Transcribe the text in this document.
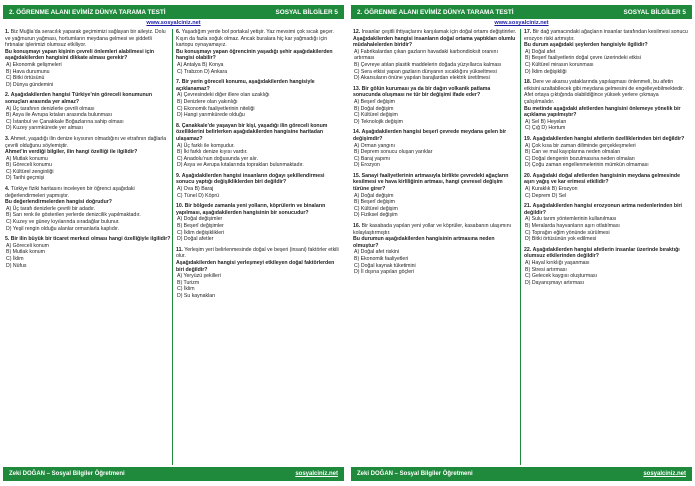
2. ÖĞRENME ALANI EVİMİZ DÜNYA TARAMA TESTİ	SOSYAL BİLGİLER 5
www.sosyalciniz.net

1. Biz Muğla’da seracılık yaparak geçimimizi sağlayan bir aileyiz. Dolu ve yağmurun yağması, hortumların meydana gelmesi ve şiddetli fırtınalar işlerimizi olumsuz etkiliyor.
Bu konuşmayı yapan kişinin çevreli önlemleri alabilmesi için aşağıdakilerden hangisini dikkate alması gerekir?

A) Ekonomik gelişmeleri
B) Hava durumunu
C) Bitki örtüsünü
D) Dünya gündemini

2. Aşağıdakilerden hangisi Türkiye’nin göreceli konumunun sonuçları arasında yer almaz?

A) Üç tarafının denizlerle çevrili olması
B) Asya ile Avrupa kıtaları arasında bulunması
C) İstanbul ve Çanakkale Boğazlarına sahip olması
D) Kuzey yarımkürede yer alması

3. Ahmet, yaşadığı ilin denize kıyısının olmadığını ve etrafının dağlarla çevrili olduğunu söylemiştir.
Ahmet’in verdiği bilgiler, ilin hangi özelliği ile ilgilidir?

A) Mutlak konumu
B) Göreceli konumu
C) Kültürel zenginliği
D) Tarihi geçmişi

4. Türkiye fiziki haritasını inceleyen bir öğrenci aşağıdaki değerlendirmeleri yapmıştır.
Bu değerlendirmelerden hangisi doğrudur?

A) Üç tarafı denizlerle çevrili bir adadır.
B) Sarı renk ile gösterilen yerlerde denizcilik yapılmaktadır.
C) Kuzey ve güney kıyılarında sıradağlar bulunur.
D) Yeşil rengin olduğu alanlar ormanlarla kaplıdır.

5. Bir ilin büyük bir ticaret merkezi olması hangi özelliğiyle ilgilidir?

A) Göreceli konum
B) Mutlak konum
C) İklim
D) Nüfus

6. Yaşadığım yerde bol portakal yetişir. Yaz mevsimi çok sıcak geçer. Kışın da fazla soğuk olmaz. Ancak buralara hiç kar yağmadığı için kartopu oynayamayız.
Bu konuşmayı yapan öğrencinin yaşadığı şehir aşağıdakilerden hangisi olabilir?

A) Antalya B) Konya
C) Trabzon D) Ankara

7. Bir yerin göreceli konumu, aşağıdakilerden hangisiyle açıklanamaz?

A) Çevresindeki diğer illere olan uzaklığı
B) Denizlere olan yakınlığı
C) Ekonomik faaliyetlerinin niteliği
D) Hangi yarımkürede olduğu

8. Çanakkale’de yaşayan bir kişi, yaşadığı ilin göreceli konum özelliklerini belirlerken aşağıdakilerden hangisine haritadan ulaşamaz?

A) Üç farklı ile komşudur.
B) İki farklı denize kıyısı vardır.
C) Anadolu’nun doğusunda yer alır.
D) Asya ve Avrupa kıtalarında toprakları bulunmaktadır.

9. Aşağıdakilerden hangisi insanların doğayı şekillendirmesi sonucu yaptığı değişikliklerden biri değildir?

A) Ova B) Baraj
C) Tünel D) Köprü

10. Bir bölgede zamanla yeni yolların, köprülerin ve binaların yapılması, aşağıdakilerden hangisinin bir sonucudur?

A) Doğal değişimler
B) Beşerî değişimler
C) İklim değişiklikleri
D) Doğal afetler

11. Yerleşim yeri belirlenmesinde doğal ve beşeri (insani) faktörler etkili olur.
Aşağıdakilerden hangisi yerleşmeyi etkileyen doğal faktörlerden biri değildir?

A) Yeryüzü şekilleri
B) Turizm
C) İklim
D) Su kaynakları
Zeki DOĞAN – Sosyal Bilgiler Öğretmeni	sosyalciniz.net
2. ÖĞRENME ALANI EVİMİZ DÜNYA TARAMA TESTİ	SOSYAL BİLGİLER 5
www.sosyalciniz.net

12. İnsanlar çeşitli ihtiyaçlarını karşılamak için doğal ortamı değiştirirler.
Aşağıdakilerden hangisi insanların doğal ortama yaptıkları olumlu müdahalelerden biridir?

A) Fabrikalardan çıkan gazların havadaki karbondioksit oranını artırması
B) Çevreye atılan plastik maddelerin doğada yüzyıllarca kalması
C) Sera etkisi yapan gazların dünyanın sıcaklığını yükseltmesi
D) Akarsuların önüne yapılan barajlardan elektrik üretilmesi

13. Bir gölün kuruması ya da bir dağın volkanik patlama sonucunda oluşması ne tür bir değişimi ifade eder?

A) Beşerî değişim
B) Doğal değişim
C) Kültürel değişim
D) Teknolojik değişim

14. Aşağıdakilerden hangisi beşerî çevrede meydana gelen bir değişimdir?

A) Orman yangını
B) Deprem sonucu oluşan yarıklar
C) Baraj yapımı
D) Erozyon

15. Sanayi faaliyetlerinin artmasıyla birlikte çevredeki ağaçların kesilmesi ve hava kirliliğinin artması, hangi çevresel değişim türüne girer?

A) Doğal değişim
B) Beşerî değişim
C) Kültürel değişim
D) Fiziksel değişim

16. Bir kasabada yapılan yeni yollar ve köprüler, kasabanın ulaşımını kolaylaştırmıştır.
Bu durumun aşağıdakilerden hangisinin artmasına neden olmuştur?

A) Doğal afet riskini
B) Ekonomik faaliyetleri
C) Doğal kaynak tüketimini
D) İl dışına yapılan göçleri

17. Bir dağ yamacındaki ağaçların insanlar tarafından kesilmesi sonucu erozyon riski artmıştır.
Bu durum aşağıdaki şeylerden hangisiyle ilgilidir?

A) Doğal afet
B) Beşerî faaliyetlerin doğal çevre üzerindeki etkisi
C) Kültürel mirasın korunması
D) İklim değişikliği

18. Dere ve akarsu yataklarında yapılaşması önlenmeli, bu afetin etkisini azaltabilecek gibi meydana gelmesini de engelleyebilmektedir. Afet ortaya çıktığında olabildiğince yüksek yerlere çıkmaya çalışılmalıdır.
Bu metinde aşağıdaki afetlerden hangisini önlemeye yönelik bir açıklama yapılmıştır?

A) Sel B) Heyelan
C) Çığ D) Hortum

19. Aşağıdakilerden hangisi afetlerin özelliklerinden biri değildir?

A) Çok kısa bir zaman diliminde gerçekleşmeleri
B) Can ve mal kayıplarına neden olmaları
C) Doğal dengenin bozulmasına neden olmaları
D) Çoğu zaman engellenmelerinin mümkün olmaması

20. Aşağıdaki doğal afetlerden hangisinin meydana gelmesinde aşırı yağış ve kar erimesi etkilidir?

A) Kuraklık B) Erozyon
C) Deprem D) Sel

21. Aşağıdakilerden hangisi erozyonun artma nedenlerinden biri değildir?

A) Sulu tarım yöntemlerinin kullanılması
B) Meralarda hayvanların aşırı otlatılması
C) Toprağın eğim yönünde sürülmesi
D) Bitki örtüsünün yok edilmesi

22. Aşağıdakilerden hangisi afetlerin insanlar üzerinde bıraktığı olumsuz etkilerinden değildir?

A) Hayal kırıklığı yaşanması
B) Stresi artırması
C) Gelecek kaygısı oluşturması
D) Dayanışmayı artırması
Zeki DOĞAN – Sosyal Bilgiler Öğretmeni	sosyalciniz.net
